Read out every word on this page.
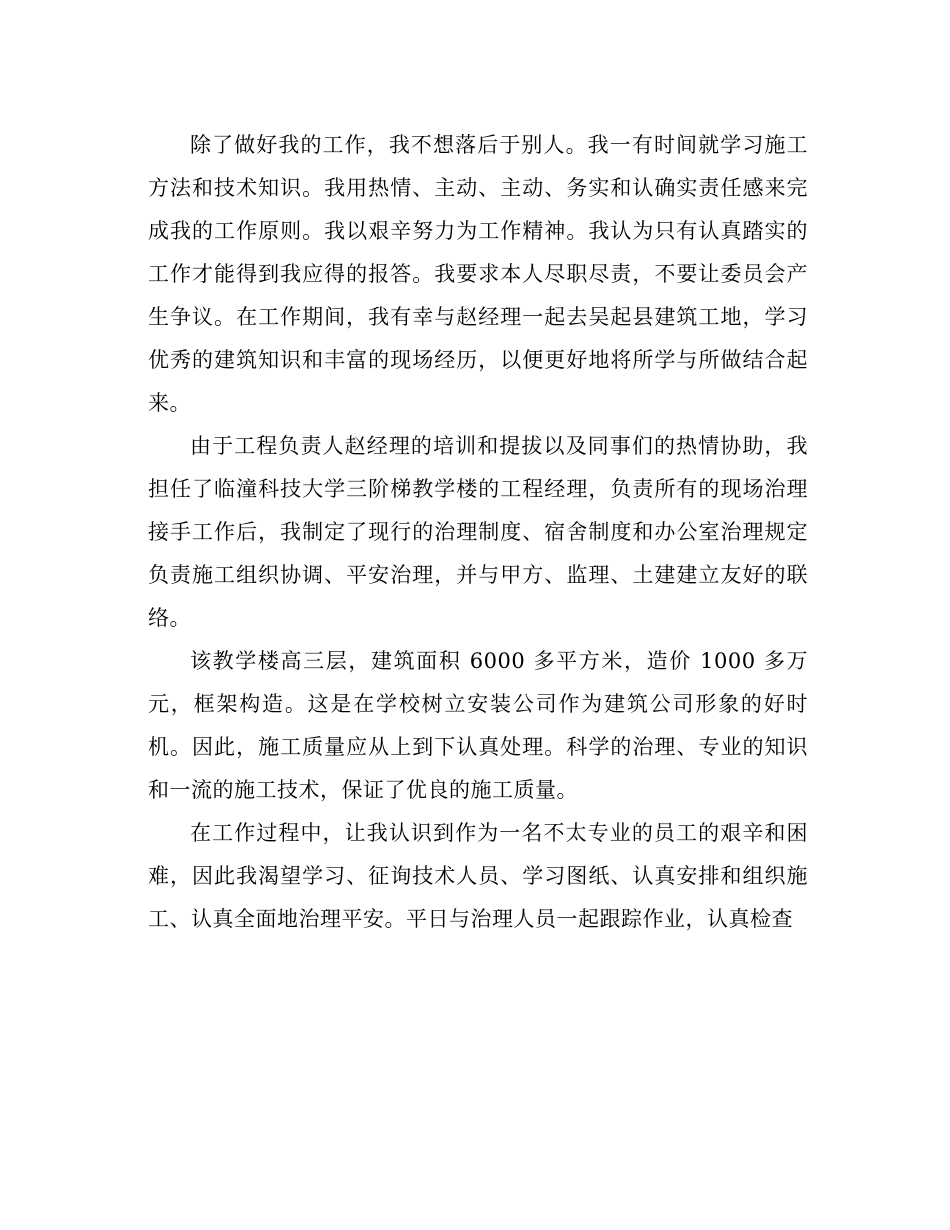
除了做好我的工作，我不想落后于别人。我一有时间就学习施工方法和技术知识。我用热情、主动、主动、务实和认确实责任感来完成我的工作原则。我以艰辛努力为工作精神。我认为只有认真踏实的工作才能得到我应得的报答。我要求本人尽职尽责，不要让委员会产生争议。在工作期间，我有幸与赵经理一起去吴起县建筑工地，学习优秀的建筑知识和丰富的现场经历，以便更好地将所学与所做结合起来。

由于工程负责人赵经理的培训和提拔以及同事们的热情协助，我担任了临潼科技大学三阶梯教学楼的工程经理，负责所有的现场治理接手工作后，我制定了现行的治理制度、宿舍制度和办公室治理规定负责施工组织协调、平安治理，并与甲方、监理、土建建立友好的联络。

该教学楼高三层，建筑面积 6000 多平方米，造价 1000 多万元，框架构造。这是在学校树立安装公司作为建筑公司形象的好时机。因此，施工质量应从上到下认真处理。科学的治理、专业的知识和一流的施工技术，保证了优良的施工质量。

在工作过程中，让我认识到作为一名不太专业的员工的艰辛和困难，因此我渴望学习、征询技术人员、学习图纸、认真安排和组织施工、认真全面地治理平安。平日与治理人员一起跟踪作业，认真检查
